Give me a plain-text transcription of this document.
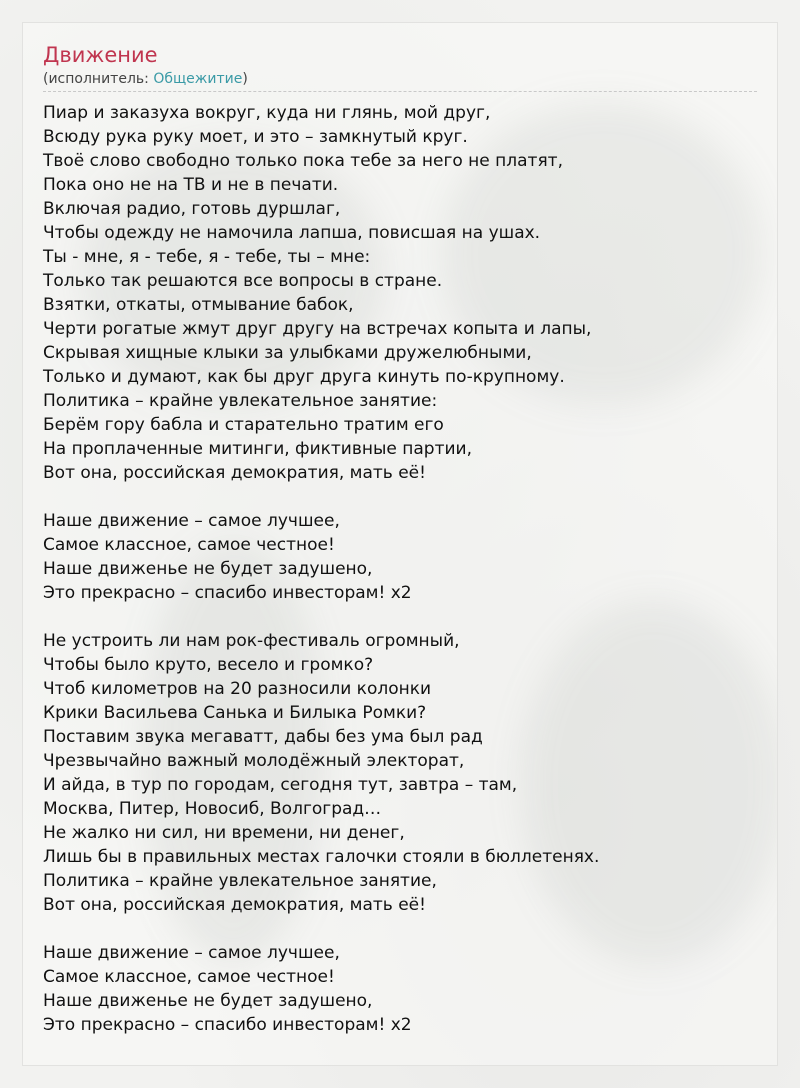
Движение
(исполнитель: Общежитие)
Пиар и заказуха вокруг, куда ни глянь, мой друг,
Всюду рука руку моет, и это – замкнутый круг.
Твоё слово свободно только пока тебе за него не платят,
Пока оно не на ТВ и не в печати.
Включая радио, готовь дуршлаг,
Чтобы одежду не намочила лапша, повисшая на ушах.
Ты - мне, я - тебе, я - тебе, ты – мне:
Только так решаются все вопросы в стране.
Взятки, откаты, отмывание бабок,
Черти рогатые жмут друг другу на встречах копыта и лапы,
Скрывая хищные клыки за улыбками дружелюбными,
Только и думают, как бы друг друга кинуть по-крупному.
Политика – крайне увлекательное занятие:
Берём гору бабла и старательно тратим его
На проплаченные митинги, фиктивные партии,
Вот она, российская демократия, мать её!
Наше движение – самое лучшее,
Самое классное, самое честное!
Наше движенье не будет задушено,
Это прекрасно – спасибо инвесторам! x2
Не устроить ли нам рок-фестиваль огромный,
Чтобы было круто, весело и громко?
Чтоб километров на 20 разносили колонки
Крики Васильева Санька и Билыка Ромки?
Поставим звука мегаватт, дабы без ума был рад
Чрезвычайно важный молодёжный электорат,
И айда, в тур по городам, сегодня тут, завтра – там,
Москва, Питер, Новосиб, Волгоград…
Не жалко ни сил, ни времени, ни денег,
Лишь бы в правильных местах галочки стояли в бюллетенях.
Политика – крайне увлекательное занятие,
Вот она, российская демократия, мать её!
Наше движение – самое лучшее,
Самое классное, самое честное!
Наше движенье не будет задушено,
Это прекрасно – спасибо инвесторам! x2
